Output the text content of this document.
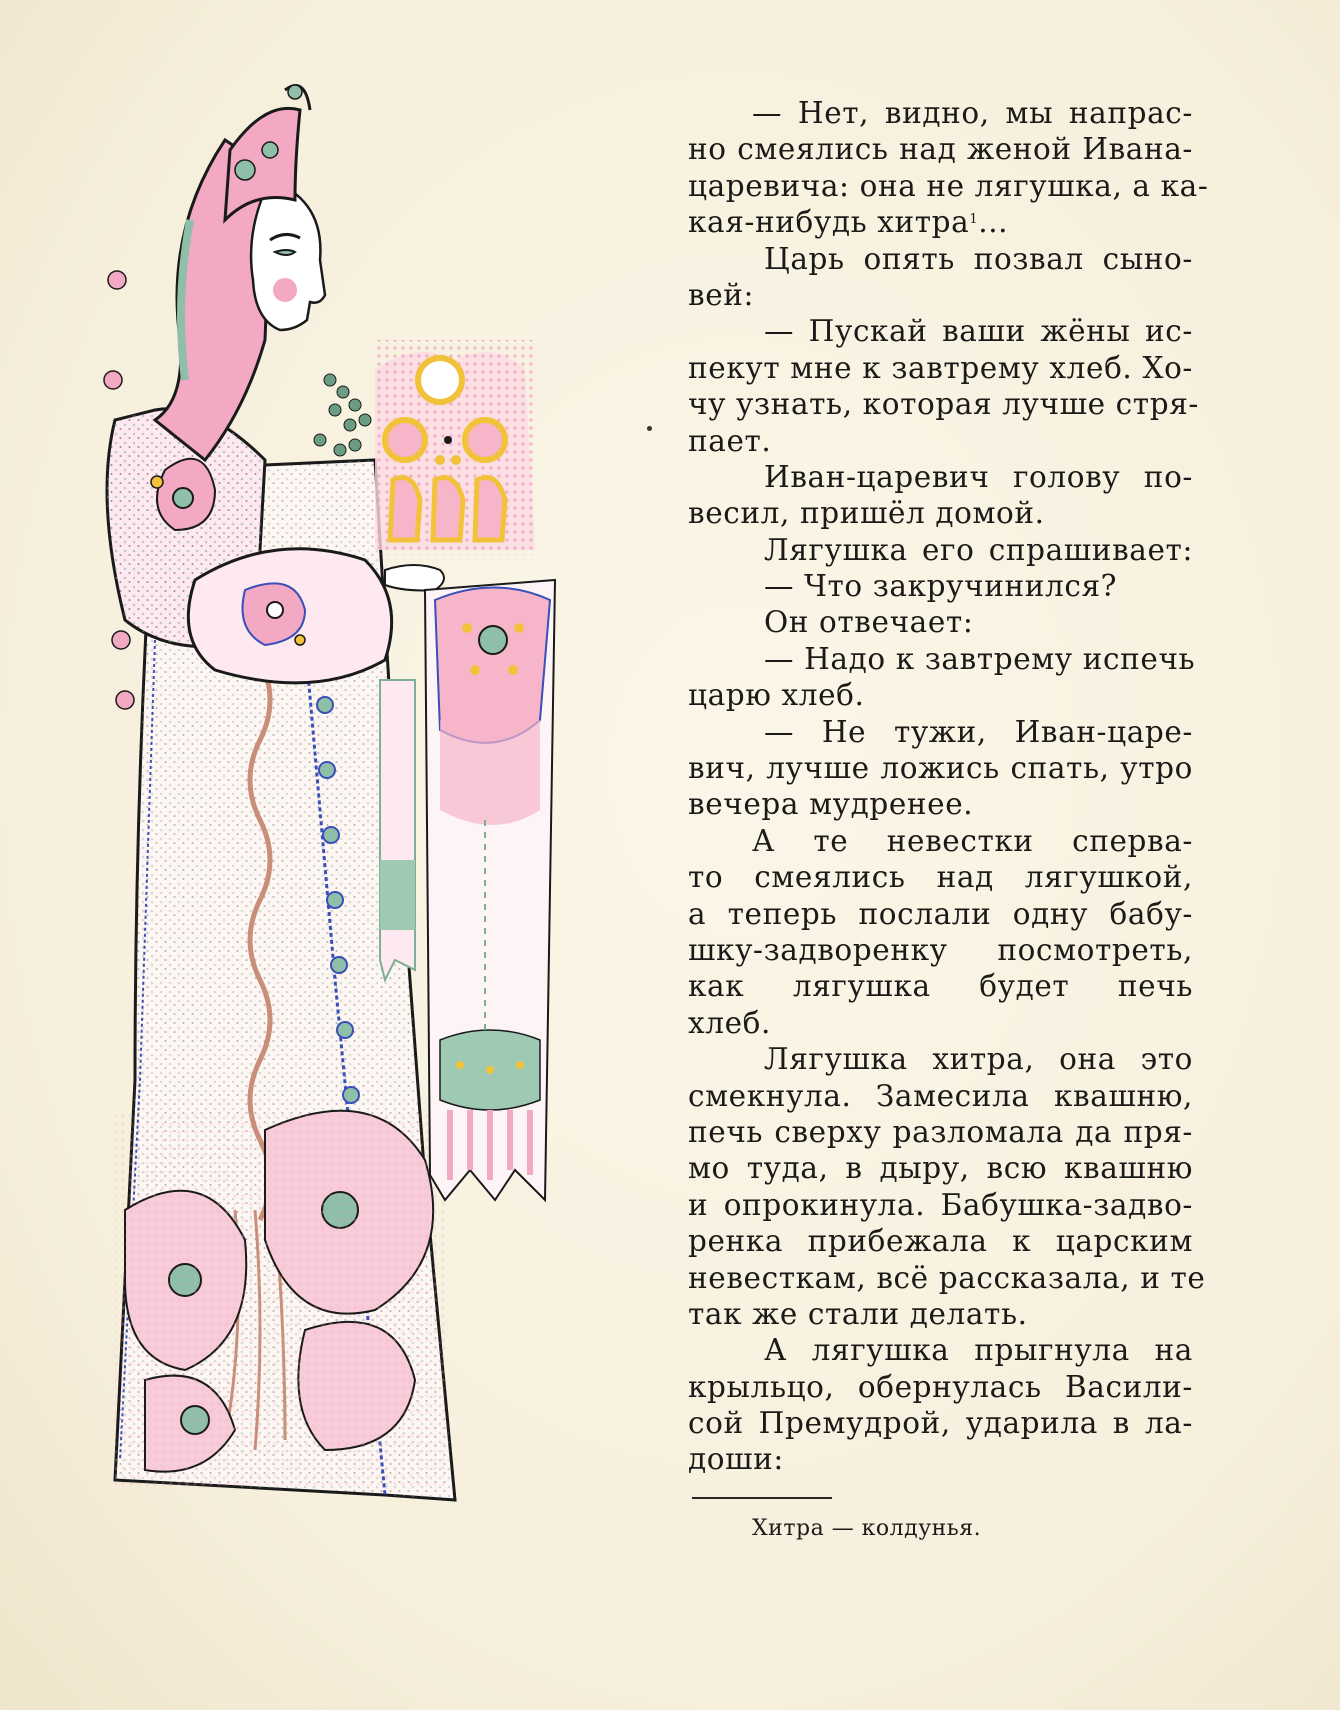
— Нет, видно, мы напрас-
но смеялись над женой Ивана-
царевича: она не лягушка, а ка-
кая-нибудь хитра$^1$...
Царь опять позвал сыно-
вей:
— Пускай ваши жёны ис-
пекут мне к завтрему хлеб. Хо-
чу узнать, которая лучше стря-
пает.
Иван-царевич голову по-
весил, пришёл домой.
Лягушка его спрашивает:
— Что закручинился?
Он отвечает:
— Надо к завтрему испечь
царю хлеб.
— Не тужи, Иван-царе-
вич, лучше ложись спать, утро
вечера мудренее.
А те невестки сперва-
то смеялись над лягушкой,
а теперь послали одну бабу-
шку-задворенку посмотреть,
как лягушка будет печь
хлеб.
Лягушка хитра, она это
смекнула. Замесила квашню,
печь сверху разломала да пря-
мо туда, в дыру, всю квашню
и опрокинула. Бабушка-задво-
ренка прибежала к царским
невесткам, всё рассказала, и те
так же стали делать.
А лягушка прыгнула на
крыльцо, обернулась Васили-
сой Премудрой, ударила в ла-
доши:
Хитра — колдунья.
